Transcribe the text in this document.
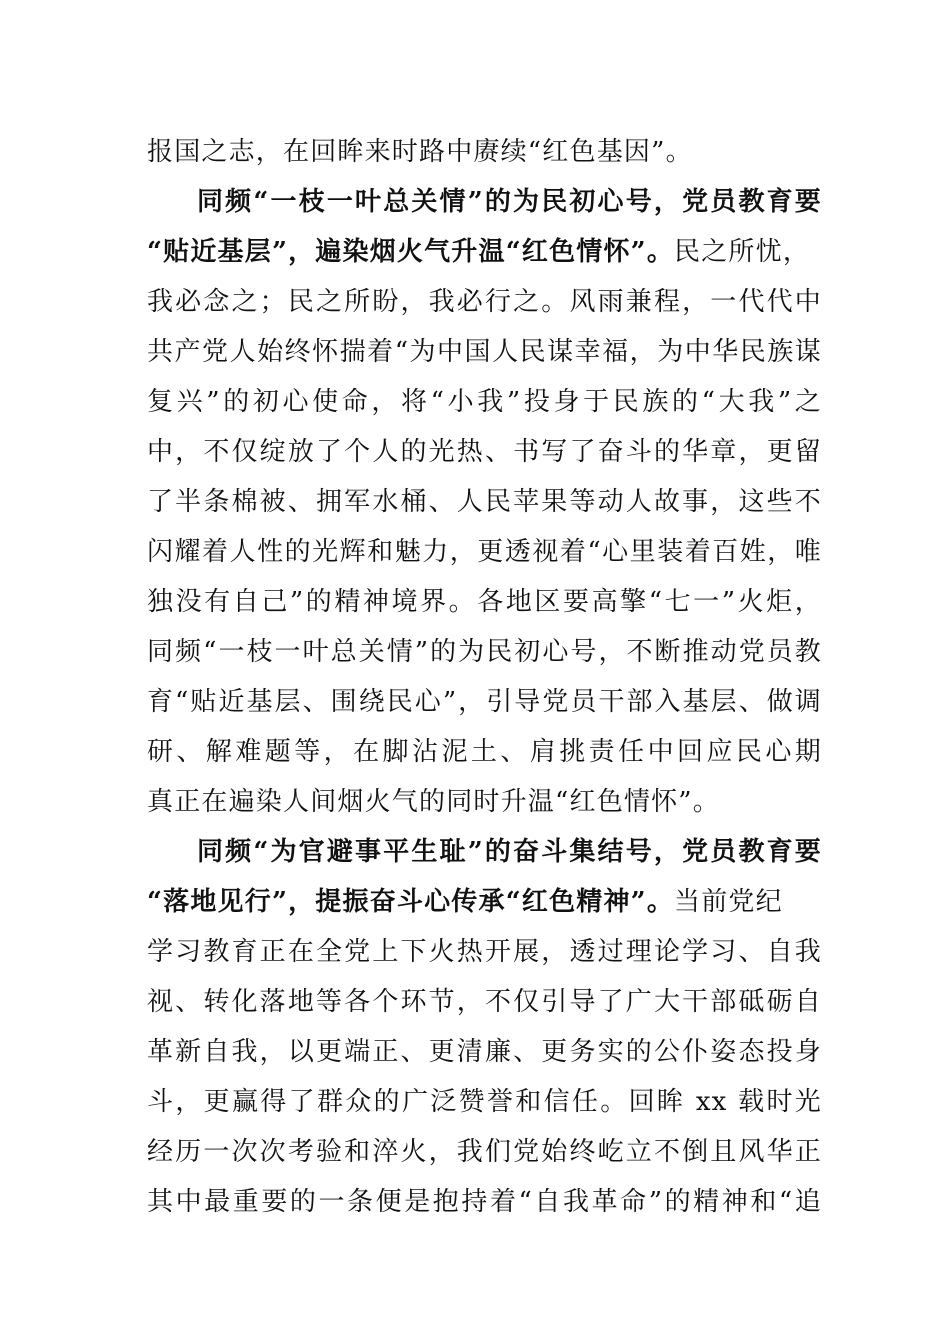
报国之志，在回眸来时路中赓续“红色基因”。
同频“一枝一叶总关情”的为民初心号，党员教育要
“贴近基层”，遍染烟火气升温“红色情怀”。民之所忧，
我必念之；民之所盼，我必行之。风雨兼程，一代代中
共产党人始终怀揣着“为中国人民谋幸福，为中华民族谋
复兴”的初心使命，将“小我”投身于民族的“大我”之
中，不仅绽放了个人的光热、书写了奋斗的华章，更留
了半条棉被、拥军水桶、人民苹果等动人故事，这些不
闪耀着人性的光辉和魅力，更透视着“心里装着百姓，唯
独没有自己”的精神境界。各地区要高擎“七一”火炬，
同频“一枝一叶总关情”的为民初心号，不断推动党员教
育“贴近基层、围绕民心”，引导党员干部入基层、做调
研、解难题等，在脚沾泥土、肩挑责任中回应民心期
真正在遍染人间烟火气的同时升温“红色情怀”。
同频“为官避事平生耻”的奋斗集结号，党员教育要
“落地见行”，提振奋斗心传承“红色精神”。当前党纪
学习教育正在全党上下火热开展，透过理论学习、自我
视、转化落地等各个环节，不仅引导了广大干部砥砺自
革新自我，以更端正、更清廉、更务实的公仆姿态投身
斗，更赢得了群众的广泛赞誉和信任。回眸 xx 载时光
经历一次次考验和淬火，我们党始终屹立不倒且风华正
其中最重要的一条便是抱持着“自我革命”的精神和“追
